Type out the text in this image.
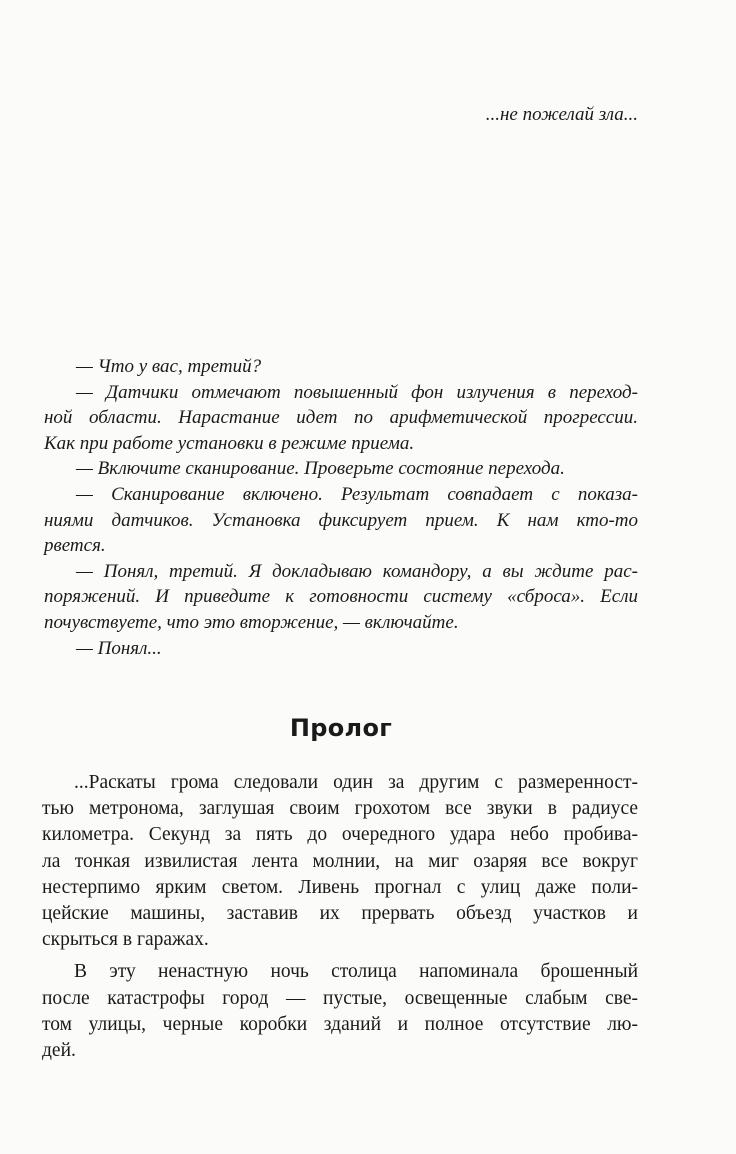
...не пожелай зла...
— Что у вас, третий?
— Датчики отмечают повышенный фон излучения в переход-
ной области. Нарастание идет по арифметической прогрессии.
Как при работе установки в режиме приема.
— Включите сканирование. Проверьте состояние перехода.
— Сканирование включено. Результат совпадает с показа-
ниями датчиков. Установка фиксирует прием. К нам кто-то
рвется.
— Понял, третий. Я докладываю командору, а вы ждите рас-
поряжений. И приведите к готовности систему «сброса». Если
почувствуете, что это вторжение, — включайте.
— Понял...
Пролог
...Раскаты грома следовали один за другим с размеренност-
тью метронома, заглушая своим грохотом все звуки в радиусе
километра. Секунд за пять до очередного удара небо пробива-
ла тонкая извилистая лента молнии, на миг озаряя все вокруг
нестерпимо ярким светом. Ливень прогнал с улиц даже поли-
цейские машины, заставив их прервать объезд участков и
скрыться в гаражах.
В эту ненастную ночь столица напоминала брошенный
после катастрофы город — пустые, освещенные слабым све-
том улицы, черные коробки зданий и полное отсутствие лю-
дей.
